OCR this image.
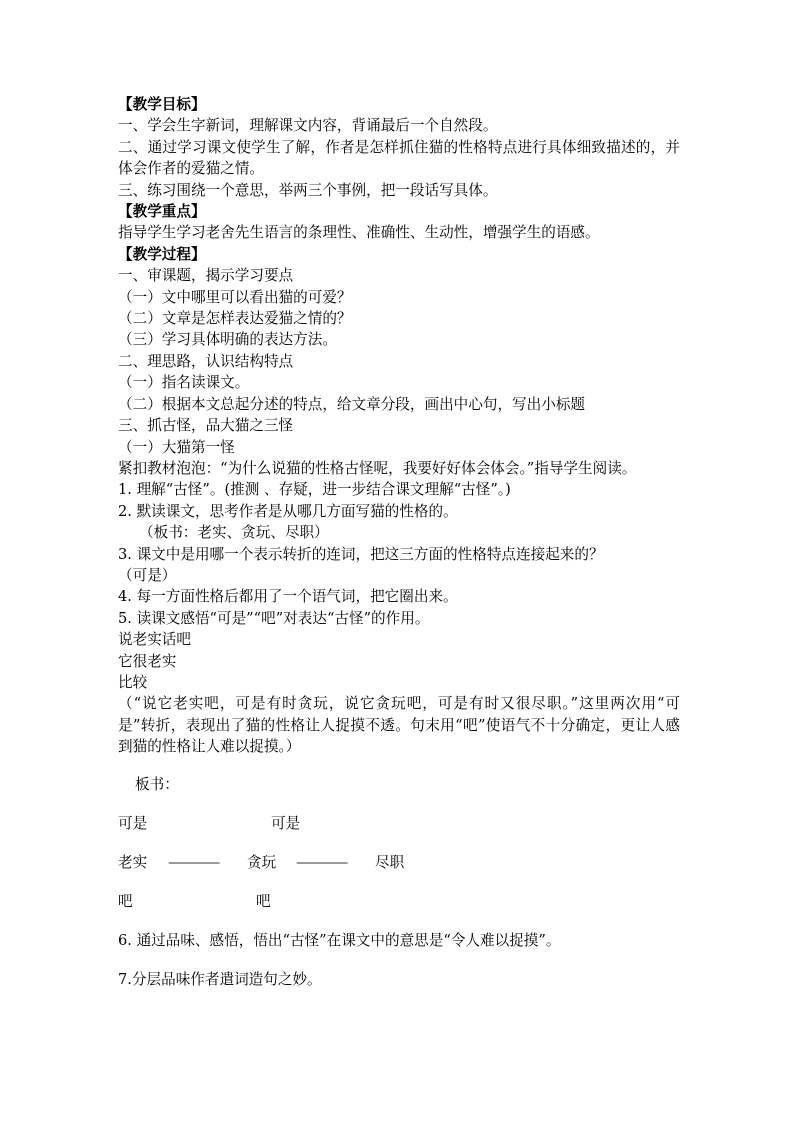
【教学目标】
一、学会生字新词，理解课文内容，背诵最后一个自然段。
二、通过学习课文使学生了解，作者是怎样抓住猫的性格特点进行具体细致描述的，并体会作者的爱猫之情。
三、练习围绕一个意思，举两三个事例，把一段话写具体。
【教学重点】
指导学生学习老舍先生语言的条理性、准确性、生动性，增强学生的语感。
【教学过程】
一、审课题，揭示学习要点
（一）文中哪里可以看出猫的可爱？
（二）文章是怎样表达爱猫之情的？
（三）学习具体明确的表达方法。
二、理思路，认识结构特点
（一）指名读课文。
（二）根据本文总起分述的特点，给文章分段，画出中心句，写出小标题
三、抓古怪，品大猫之三怪
（一）大猫第一怪
紧扣教材泡泡：“为什么说猫的性格古怪呢，我要好好体会体会。”指导学生阅读。
1. 理解“古怪”。(推测 、存疑，进一步结合课文理解“古怪”。)
2. 默读课文，思考作者是从哪几方面写猫的性格的。
（板书：老实、贪玩、尽职）
3. 课文中是用哪一个表示转折的连词，把这三方面的性格特点连接起来的？
（可是）
4. 每一方面性格后都用了一个语气词，把它圈出来。
5. 读课文感悟“可是”“吧”对表达“古怪”的作用。
说老实话吧
它很老实
比较
（“说它老实吧，可是有时贪玩，说它贪玩吧，可是有时又很尽职。”这里两次用“可是”转折，表现出了猫的性格让人捉摸不透。句末用“吧”使语气不十分确定，更让人感到猫的性格让人难以捉摸。）
板书：
可是	可是
老实 ———— 贪玩 ———— 尽职
吧	吧
6. 通过品味、感悟，悟出“古怪”在课文中的意思是“令人难以捉摸”。
7.分层品味作者遣词造句之妙。
